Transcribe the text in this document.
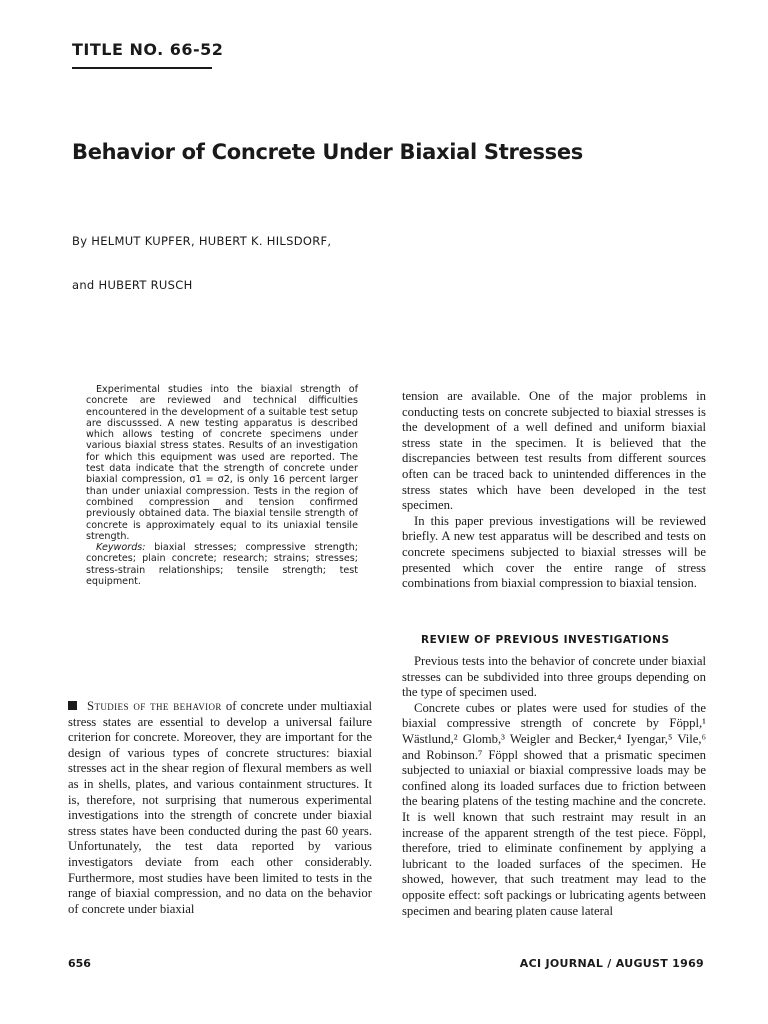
TITLE NO. 66-52
Behavior of Concrete Under Biaxial Stresses
By HELMUT KUPFER, HUBERT K. HILSDORF,
and HUBERT RUSCH

Experimental studies into the biaxial strength of concrete are reviewed and technical difficulties encountered in the development of a suitable test setup are discusssed. A new testing apparatus is described which allows testing of concrete specimens under various biaxial stress states. Results of an investigation for which this equipment was used are reported. The test data indicate that the strength of concrete under biaxial compression, σ1 = σ2, is only 16 percent larger than under uniaxial compression. Tests in the region of combined compression and tension confirmed previously obtained data. The biaxial tensile strength of concrete is approximately equal to its uniaxial tensile strength.

Keywords: biaxial stresses; compressive strength; concretes; plain concrete; research; strains; stresses; stress-strain relationships; tensile strength; test equipment.

tension are available. One of the major problems in conducting tests on concrete subjected to biaxial stresses is the development of a well defined and uniform biaxial stress state in the specimen. It is believed that the discrepancies between test results from different sources often can be traced back to unintended differences in the stress states which have been developed in the test specimen.

In this paper previous investigations will be reviewed briefly. A new test apparatus will be described and tests on concrete specimens subjected to biaxial stresses will be presented which cover the entire range of stress combinations from biaxial compression to biaxial tension.

REVIEW OF PREVIOUS INVESTIGATIONS

Previous tests into the behavior of concrete under biaxial stresses can be subdivided into three groups depending on the type of specimen used.

Concrete cubes or plates were used for studies of the biaxial compressive strength of concrete by Föppl,¹ Wästlund,² Glomb,³ Weigler and Becker,⁴ Iyengar,⁵ Vile,⁶ and Robinson.⁷ Föppl showed that a prismatic specimen subjected to uniaxial or biaxial compressive loads may be confined along its loaded surfaces due to friction between the bearing platens of the testing machine and the concrete. It is well known that such restraint may result in an increase of the apparent strength of the test piece. Föppl, therefore, tried to eliminate confinement by applying a lubricant to the loaded surfaces of the specimen. He showed, however, that such treatment may lead to the opposite effect: soft packings or lubricating agents between specimen and bearing platen cause lateral

Studies of the behavior of concrete under multiaxial stress states are essential to develop a universal failure criterion for concrete. Moreover, they are important for the design of various types of concrete structures: biaxial stresses act in the shear region of flexural members as well as in shells, plates, and various containment structures. It is, therefore, not surprising that numerous experimental investigations into the strength of concrete under biaxial stress states have been conducted during the past 60 years. Unfortunately, the test data reported by various investigators deviate from each other considerably. Furthermore, most studies have been limited to tests in the range of biaxial compression, and no data on the behavior of concrete under biaxial

656	ACI JOURNAL / AUGUST 1969
